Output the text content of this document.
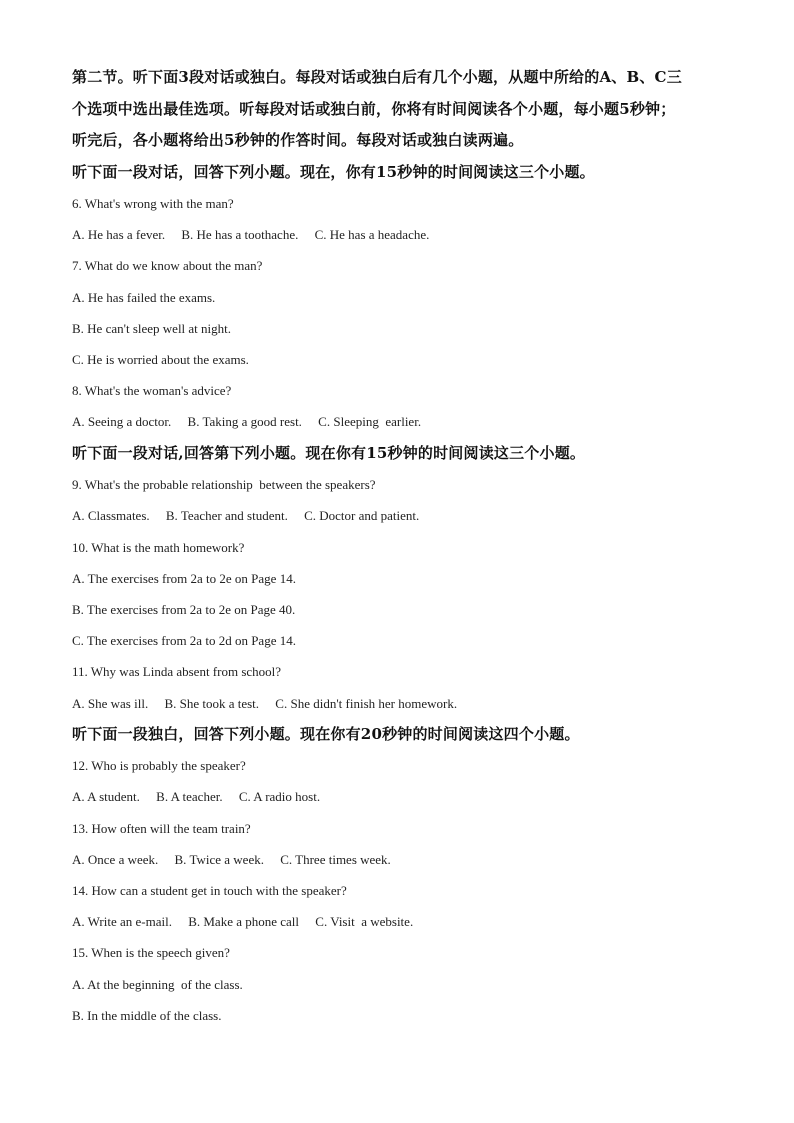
第二节。听下面3段对话或独白。每段对话或独白后有几个小题，从题中所给的A、B、C三
个选项中选出最佳选项。听每段对话或独白前，你将有时间阅读各个小题，每小题5秒钟；
听完后，各小题将给出5秒钟的作答时间。每段对话或独白读两遍。
听下面一段对话，回答下列小题。现在，你有15秒钟的时间阅读这三个小题。
6. What's wrong with the man?
A. He has a fever.     B. He has a toothache.     C. He has a headache.
7. What do we know about the man?
A. He has failed the exams.
B. He can't sleep well at night.
C. He is worried about the exams.
8. What's the woman's advice?
A. Seeing a doctor.     B. Taking a good rest.     C. Sleeping  earlier.
听下面一段对话,回答第下列小题。现在你有15秒钟的时间阅读这三个小题。
9. What's the probable relationship  between the speakers?
A. Classmates.     B. Teacher and student.     C. Doctor and patient.
10. What is the math homework?
A. The exercises from 2a to 2e on Page 14.
B. The exercises from 2a to 2e on Page 40.
C. The exercises from 2a to 2d on Page 14.
11. Why was Linda absent from school?
A. She was ill.     B. She took a test.     C. She didn't finish her homework.
听下面一段独白，回答下列小题。现在你有20秒钟的时间阅读这四个小题。
12. Who is probably the speaker?
A. A student.     B. A teacher.     C. A radio host.
13. How often will the team train?
A. Once a week.     B. Twice a week.     C. Three times week.
14. How can a student get in touch with the speaker?
A. Write an e-mail.     B. Make a phone call     C. Visit  a website.
15. When is the speech given?
A. At the beginning  of the class.
B. In the middle of the class.
